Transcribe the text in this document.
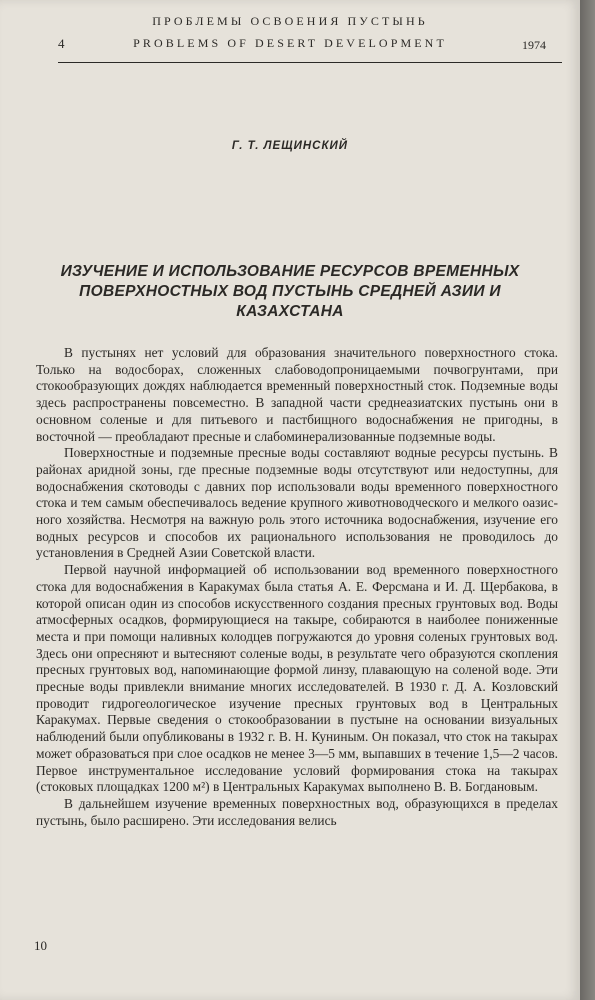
4
ПРОБЛЕМЫ ОСВОЕНИЯ ПУСТЫНЬ
PROBLEMS OF DESERT DEVELOPMENT	1974
Г. Т. ЛЕЩИНСКИЙ
ИЗУЧЕНИЕ И ИСПОЛЬЗОВАНИЕ РЕСУРСОВ ВРЕМЕННЫХ ПОВЕРХНОСТНЫХ ВОД ПУСТЫНЬ СРЕДНЕЙ АЗИИ И КАЗАХСТАНА

В пустынях нет условий для образования значительного поверхностного стока. Только на водосборах, сложенных слабоводопроницаемыми почвогрунтами, при стокообразующих дождях наблюдается временный поверхностный сток. Подземные воды здесь распространены повсеместно. В западной части среднеазиатских пустынь они в основном соленые и для питьевого и пастбищного водоснабжения не пригодны, в восточной — преобладают пресные и слабоминерализованные подземные воды.

Поверхностные и подземные пресные воды составляют водные ресурсы пустынь. В районах аридной зоны, где пресные подземные воды отсутствуют или недоступны, для водоснабжения скотоводы с давних пор использовали воды временного поверхностного стока и тем самым обеспечивалось ведение крупного животноводческого и мелкого оазисного хозяйства. Несмотря на важную роль этого источника водоснабжения, изучение его водных ресурсов и способов их рационального использования не проводилось до установления в Средней Азии Советской власти.

Первой научной информацией об использовании вод временного поверхностного стока для водоснабжения в Каракумах была статья А. Е. Ферсмана и И. Д. Щербакова, в которой описан один из способов искусственного создания пресных грунтовых вод. Воды атмосферных осадков, формирующиеся на такыре, собираются в наиболее пониженные места и при помощи наливных колодцев погружаются до уровня соленых грунтовых вод. Здесь они опресняют и вытесняют соленые воды, в результате чего образуются скопления пресных грунтовых вод, напоминающие формой линзу, плавающую на соленой воде. Эти пресные воды привлекли внимание многих исследователей. В 1930 г. Д. А. Козловский проводит гидрогеологическое изучение пресных грунтовых вод в Центральных Каракумах. Первые сведения о стокообразовании в пустыне на основании визуальных наблюдений были опубликованы в 1932 г. В. Н. Куниным. Он показал, что сток на такырах может образоваться при слое осадков не менее 3—5 мм, выпавших в течение 1,5—2 часов. Первое инструментальное исследование условий формирования стока на такырах (стоковых площадках 1200 м²) в Центральных Каракумах выполнено В. В. Богдановым.

В дальнейшем изучение временных поверхностных вод, образующихся в пределах пустынь, было расширено. Эти исследования велись

10
